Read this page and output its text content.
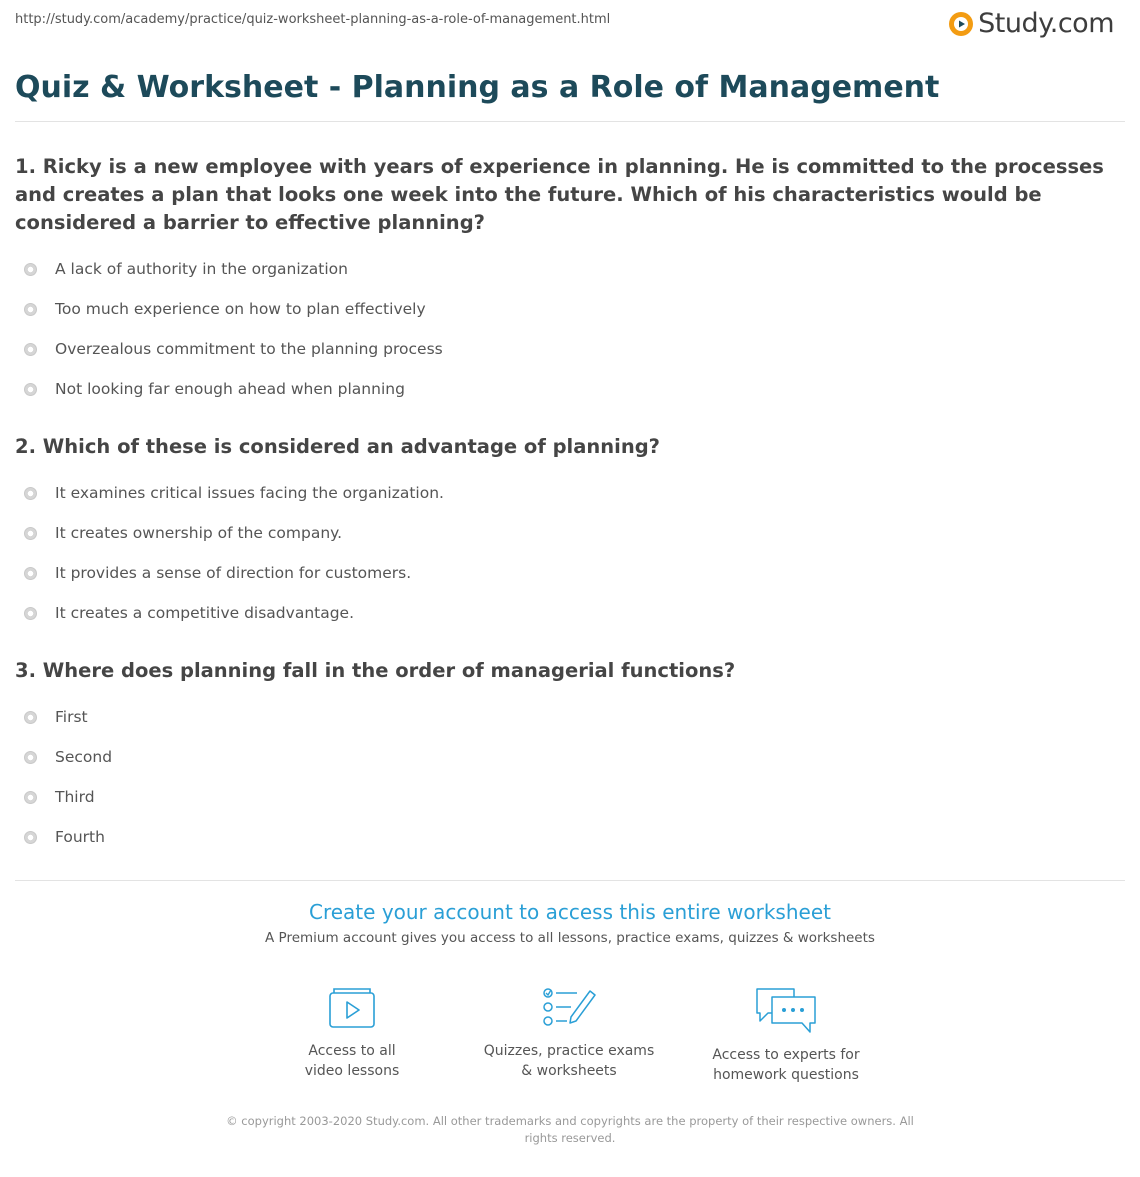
http://study.com/academy/practice/quiz-worksheet-planning-as-a-role-of-management.html	Study.com
Quiz & Worksheet - Planning as a Role of Management

1. Ricky is a new employee with years of experience in planning. He is committed to the processes and creates a plan that looks one week into the future. Which of his characteristics would be considered a barrier to effective planning?

A lack of authority in the organization
Too much experience on how to plan effectively
Overzealous commitment to the planning process
Not looking far enough ahead when planning

2. Which of these is considered an advantage of planning?

It examines critical issues facing the organization.
It creates ownership of the company.
It provides a sense of direction for customers.
It creates a competitive disadvantage.

3. Where does planning fall in the order of managerial functions?

First
Second
Third
Fourth

Create your account to access this entire worksheet

A Premium account gives you access to all lessons, practice exams, quizzes & worksheets

Access to all
video lessons
Quizzes, practice exams
& worksheets
Access to experts for
homework questions
© copyright 2003-2020 Study.com. All other trademarks and copyrights are the property of their respective owners. All rights reserved.
